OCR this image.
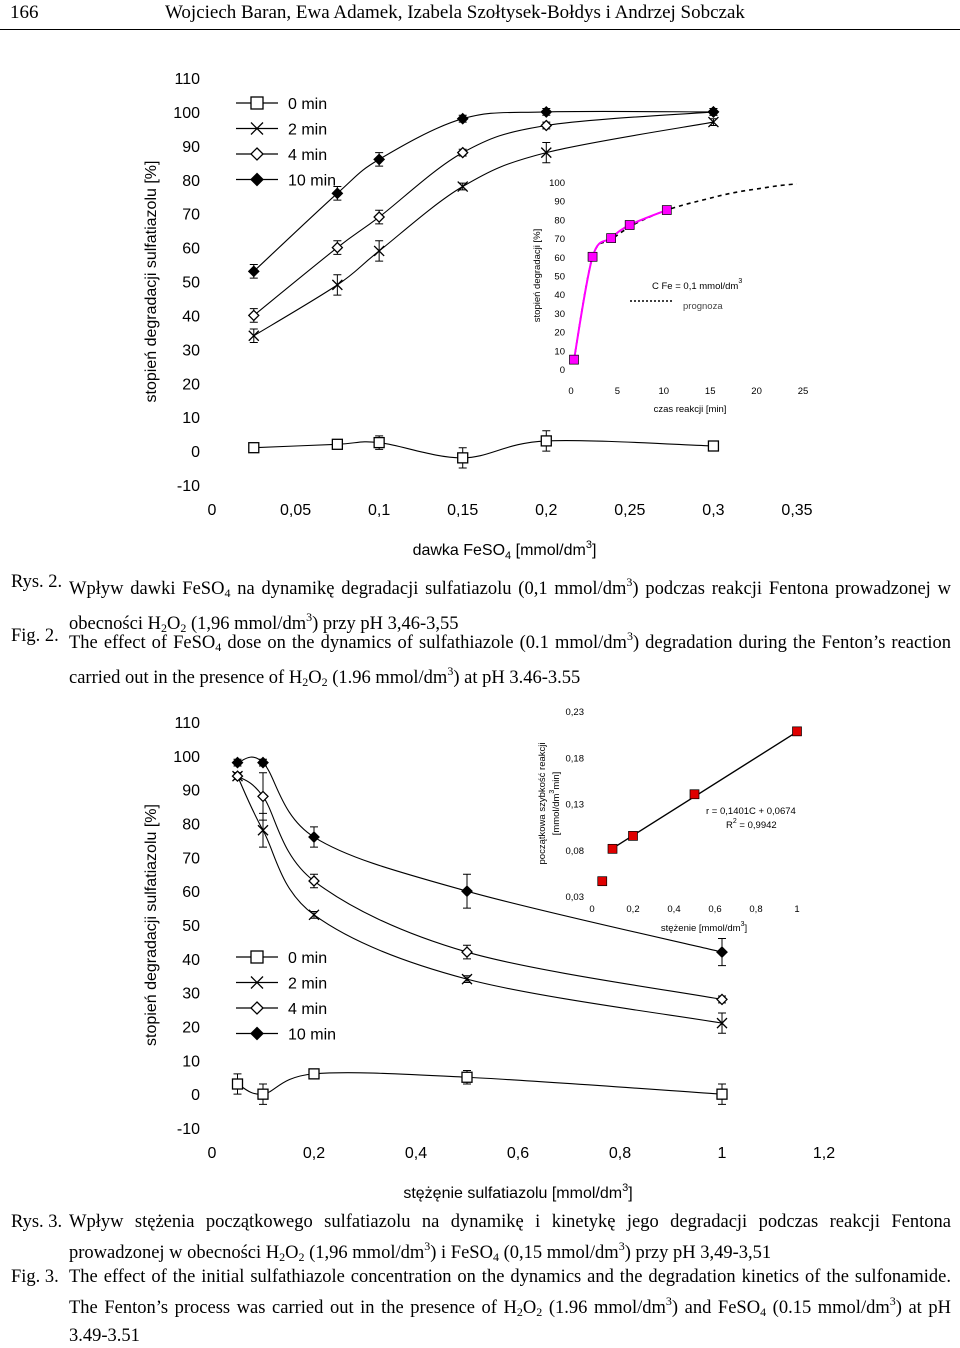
166	Wojciech Baran, Ewa Adamek, Izabela Szołtysek-Bołdys i Andrzej Sobczak
-10
0
10
20
30
40
50
60
70
80
90
100
110
0	0,05	0,1	0,15	0,2	0,25	0,3	0,35
stopień degradacji sulfatiazolu [%]
dawka FeSO$_4$ $[mmol/dm^3]$
0 min
2 min
4 min
10 min
0
10
20
30
40
50
60
70
80
90
100
0	5	10	15	20	25
czas reakcji [min]
stopień degradacji [%]	C Fe = 0,1 mmol/$dm^3$
prognoza
Rys. 2. Wpływ dawki FeSO$_4$ na dynamikę degradacji sulfatiazolu (0,1 mmol/$dm^3$) podczas reakcji Fentona prowadzonej w obecności $H_2O_2$ (1,96 mmol/$dm^3$) przy pH 3,46-3,55
Fig. 2. The effect of FeSO$_4$ dose on the dynamics of sulfathiazole (0.1 mmol/$dm^3$) degradation during the Fenton’s reaction carried out in the presence of $H_2O_2$ (1.96 mmol/$dm^3$) at pH 3.46-3.55
-10
0
10
20
30
40
50
60
70
80
90
100
110
0	0,2	0,4	0,6	0,8	1	1,2
stopień degradacji sulfatiazolu [%]
stężęnie sulfatiazolu $[mmol/dm^3]$
0 min
2 min
4 min
10 min
0,03
0,08
0,13
0,18
0,23
0	0,2	0,4	0,6	0,8	1
stężenie $[mmol/dm^3]$
początkowa szybkość reakcji $[mmol/dm^3\min]$
r = 0,1401C + 0,0674
$R^2 = 0,9942$
Rys. 3. Wpływ stężenia początkowego sulfatiazolu na dynamikę i kinetykę jego degradacji podczas reakcji Fentona prowadzonej w obecności $H_2O_2$ (1,96 mmol/$dm^3$) i FeSO$_4$ (0,15 mmol/$dm^3$) przy pH 3,49-3,51
Fig. 3. The effect of the initial sulfathiazole concentration on the dynamics and the degradation kinetics of the sulfonamide. The Fenton’s process was carried out in the presence of $H_2O_2$ (1.96 mmol/$dm^3$) and FeSO$_4$ (0.15 mmol/$dm^3$) at pH 3.49-3.51
